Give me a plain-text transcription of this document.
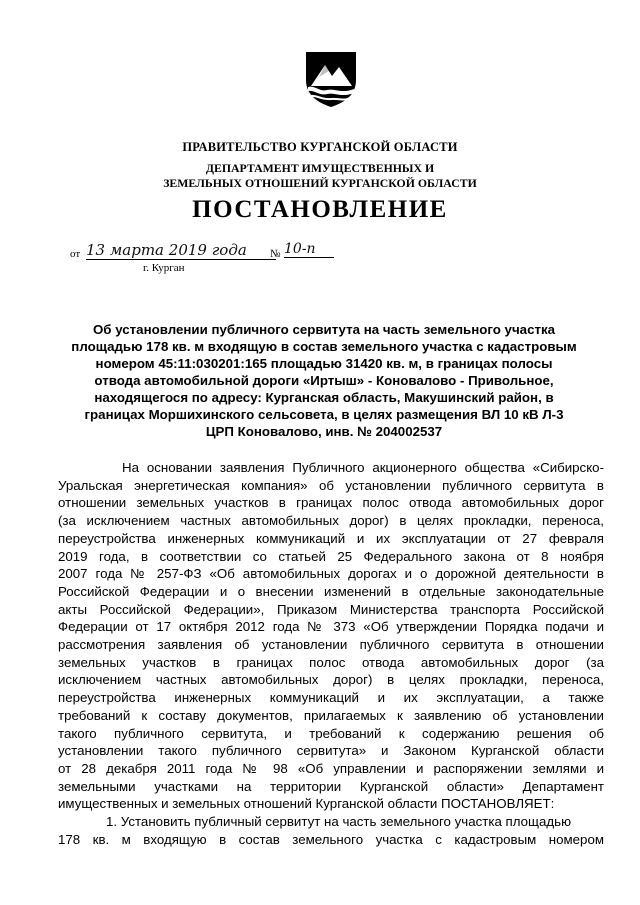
ПРАВИТЕЛЬСТВО КУРГАНСКОЙ ОБЛАСТИ
ДЕПАРТАМЕНТ ИМУЩЕСТВЕННЫХ И
ЗЕМЕЛЬНЫХ ОТНОШЕНИЙ КУРГАНСКОЙ ОБЛАСТИ
ПОСТАНОВЛЕНИЕ
от 13 марта 2019 года	№ 10-п
г. Курган
Об установлении публичного сервитута на часть земельного участка
площадью 178 кв. м входящую в состав земельного участка с кадастровым
номером 45:11:030201:165 площадью 31420 кв. м, в границах полосы
отвода автомобильной дороги «Иртыш» - Коновалово - Привольное,
находящегося по адресу: Курганская область, Макушинский район, в
границах Моршихинского сельсовета, в целях размещения ВЛ 10 кВ Л-3
ЦРП Коновалово, инв. № 204002537
На основании заявления Публичного акционерного общества «Сибирско-
Уральская энергетическая компания» об установлении публичного сервитута в
отношении земельных участков в границах полос отвода автомобильных дорог
(за исключением частных автомобильных дорог) в целях прокладки, переноса,
переустройства инженерных коммуникаций и их эксплуатации от 27 февраля
2019 года, в соответствии со статьей 25 Федерального закона от 8 ноября
2007 года № 257-ФЗ «Об автомобильных дорогах и о дорожной деятельности в
Российской Федерации и о внесении изменений в отдельные законодательные
акты Российской Федерации», Приказом Министерства транспорта Российской
Федерации от 17 октября 2012 года № 373 «Об утверждении Порядка подачи и
рассмотрения заявления об установлении публичного сервитута в отношении
земельных участков в границах полос отвода автомобильных дорог (за
исключением частных автомобильных дорог) в целях прокладки, переноса,
переустройства инженерных коммуникаций и их эксплуатации, а также
требований к составу документов, прилагаемых к заявлению об установлении
такого публичного сервитута, и требований к содержанию решения об
установлении такого публичного сервитута» и Законом Курганской области
от 28 декабря 2011 года № 98 «Об управлении и распоряжении землями и
земельными участками на территории Курганской области» Департамент
имущественных и земельных отношений Курганской области ПОСТАНОВЛЯЕТ:
1. Установить публичный сервитут на часть земельного участка площадью
178 кв. м входящую в состав земельного участка с кадастровым номером
